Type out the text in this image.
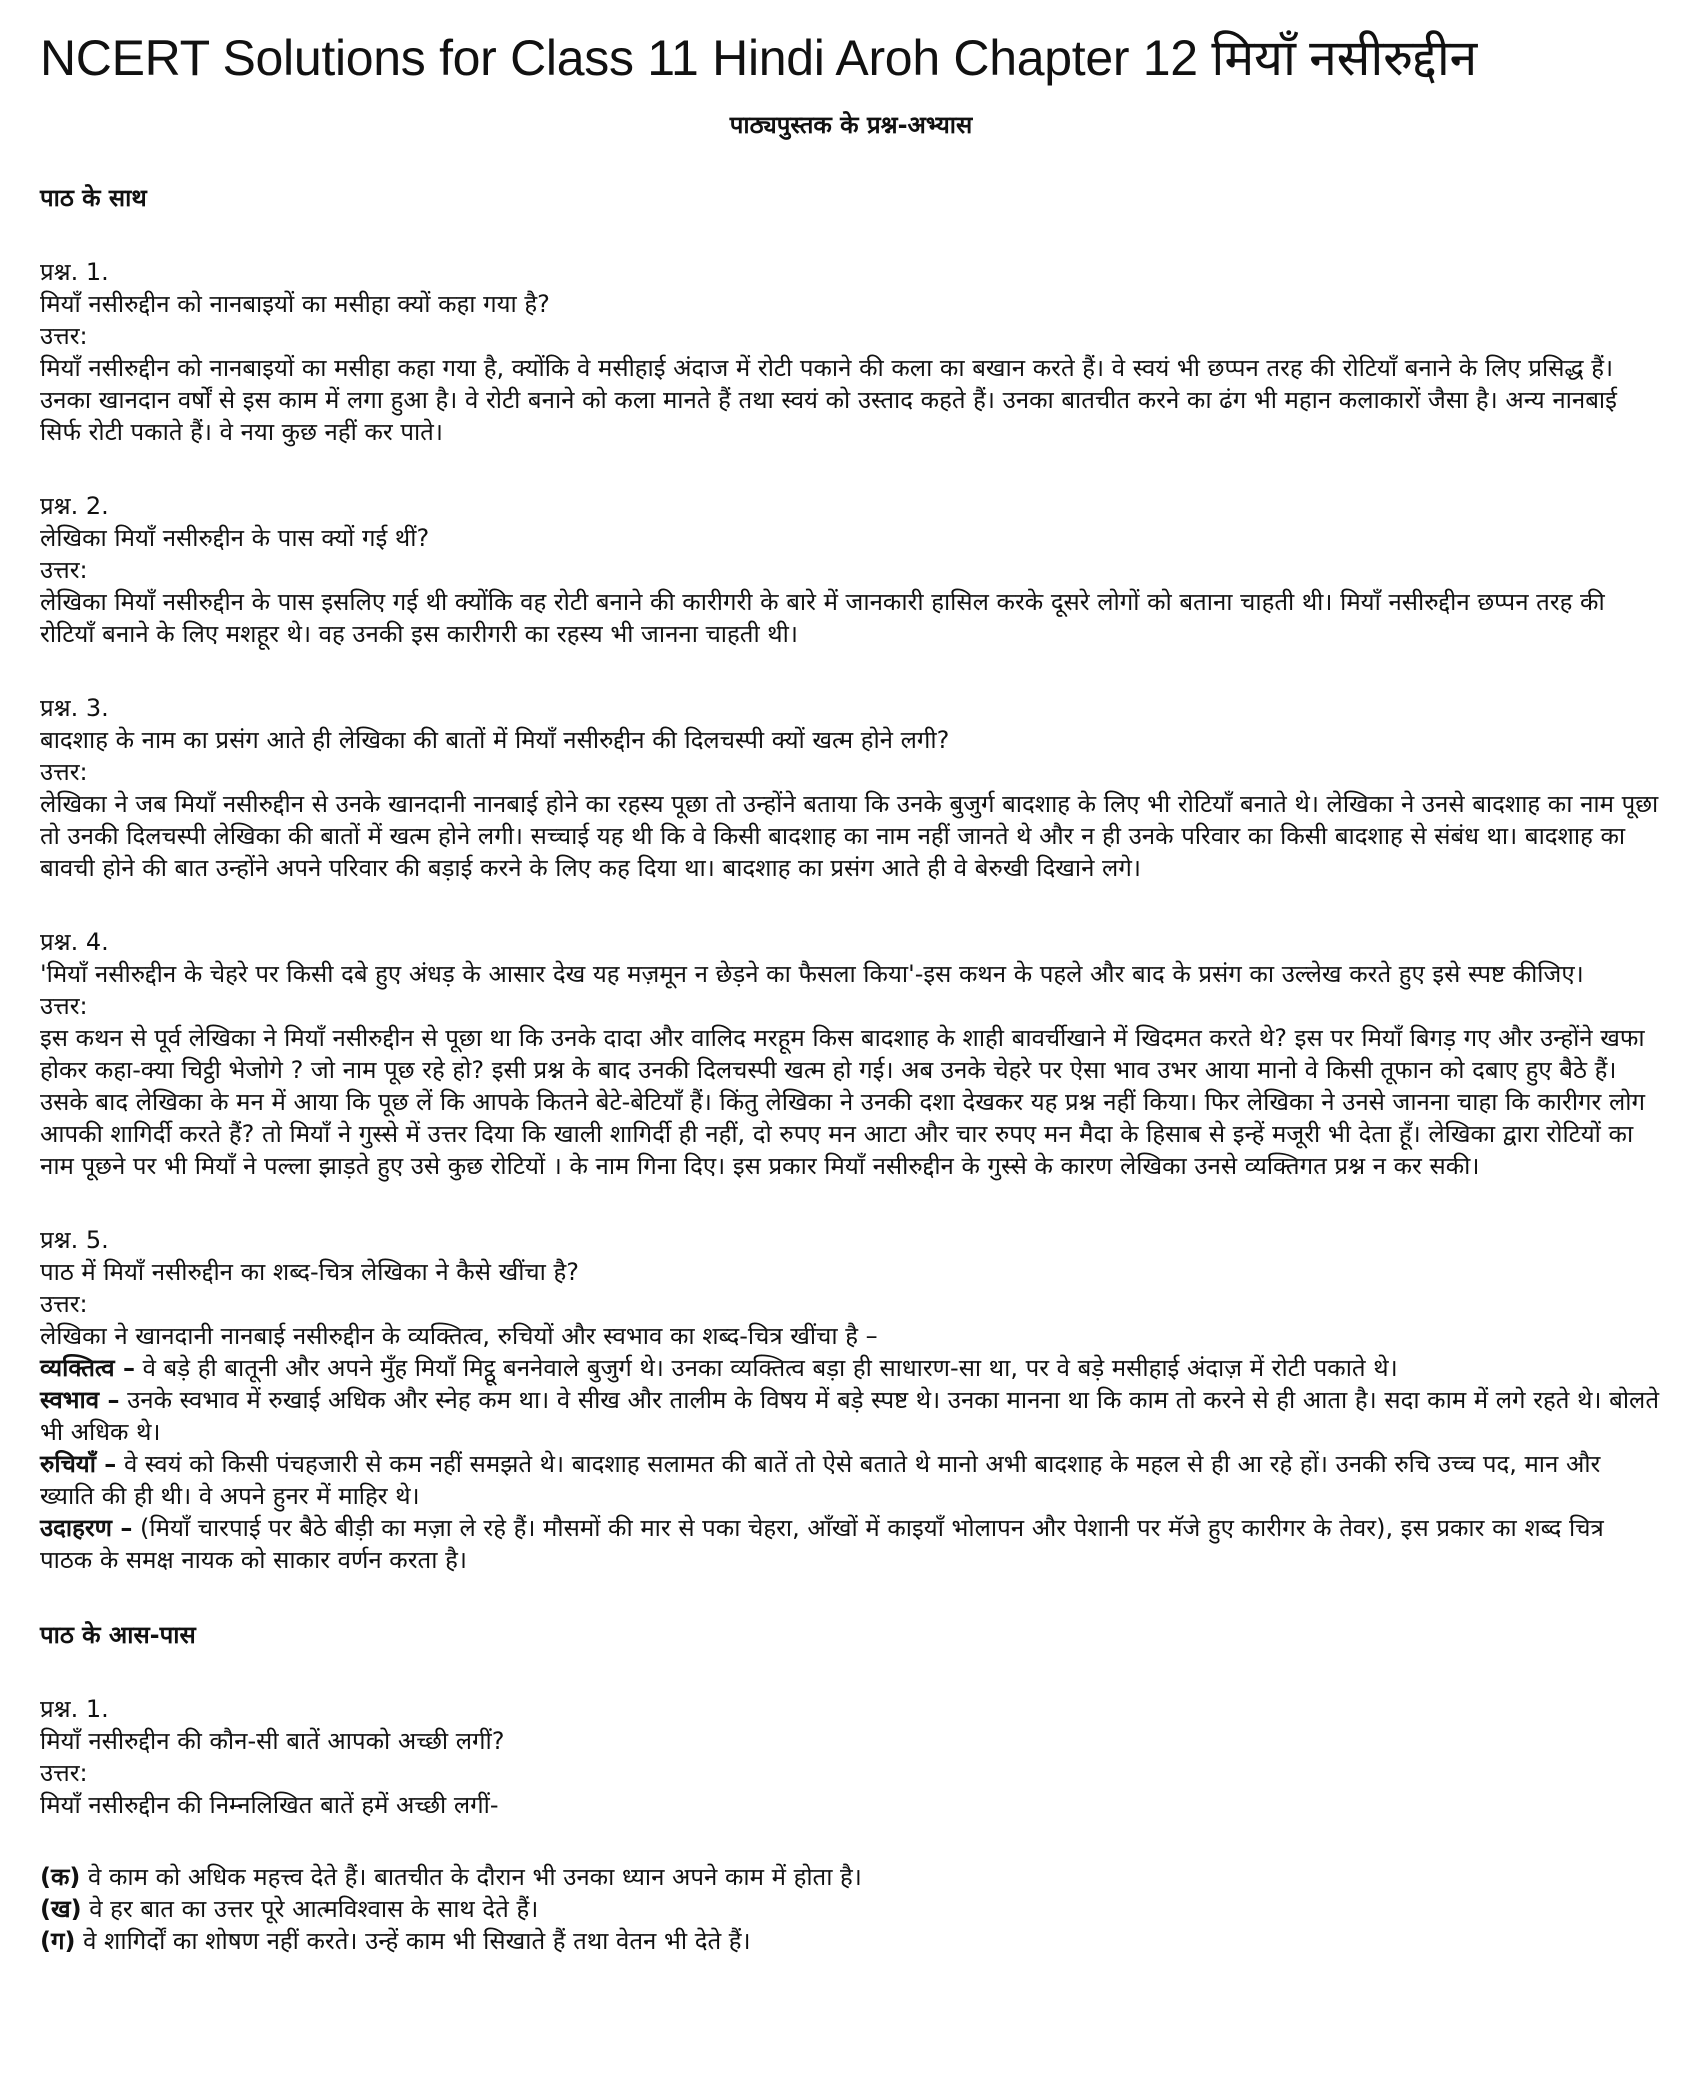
NCERT Solutions for Class 11 Hindi Aroh Chapter 12 मियाँ नसीरुद्दीन
पाठ्यपुस्तक के प्रश्न-अभ्यास
पाठ के साथ
प्रश्न. 1.
मियाँ नसीरुद्दीन को नानबाइयों का मसीहा क्यों कहा गया है?
उत्तर:
मियाँ नसीरुद्दीन को नानबाइयों का मसीहा कहा गया है, क्योंकि वे मसीहाई अंदाज में रोटी पकाने की कला का बखान करते हैं। वे स्वयं भी छप्पन तरह की रोटियाँ बनाने के लिए प्रसिद्ध हैं। उनका खानदान वर्षों से इस काम में लगा हुआ है। वे रोटी बनाने को कला मानते हैं तथा स्वयं को उस्ताद कहते हैं। उनका बातचीत करने का ढंग भी महान कलाकारों जैसा है। अन्य नानबाई सिर्फ रोटी पकाते हैं। वे नया कुछ नहीं कर पाते।
प्रश्न. 2.
लेखिका मियाँ नसीरुद्दीन के पास क्यों गई थीं?
उत्तर:
लेखिका मियाँ नसीरुद्दीन के पास इसलिए गई थी क्योंकि वह रोटी बनाने की कारीगरी के बारे में जानकारी हासिल करके दूसरे लोगों को बताना चाहती थी। मियाँ नसीरुद्दीन छप्पन तरह की रोटियाँ बनाने के लिए मशहूर थे। वह उनकी इस कारीगरी का रहस्य भी जानना चाहती थी।
प्रश्न. 3.
बादशाह के नाम का प्रसंग आते ही लेखिका की बातों में मियाँ नसीरुद्दीन की दिलचस्पी क्यों खत्म होने लगी?
उत्तर:
लेखिका ने जब मियाँ नसीरुद्दीन से उनके खानदानी नानबाई होने का रहस्य पूछा तो उन्होंने बताया कि उनके बुजुर्ग बादशाह के लिए भी रोटियाँ बनाते थे। लेखिका ने उनसे बादशाह का नाम पूछा तो उनकी दिलचस्पी लेखिका की बातों में खत्म होने लगी। सच्चाई यह थी कि वे किसी बादशाह का नाम नहीं जानते थे और न ही उनके परिवार का किसी बादशाह से संबंध था। बादशाह का बावची होने की बात उन्होंने अपने परिवार की बड़ाई करने के लिए कह दिया था। बादशाह का प्रसंग आते ही वे बेरुखी दिखाने लगे।
प्रश्न. 4.
'मियाँ नसीरुद्दीन के चेहरे पर किसी दबे हुए अंधड़ के आसार देख यह मज़मून न छेड़ने का फैसला किया'-इस कथन के पहले और बाद के प्रसंग का उल्लेख करते हुए इसे स्पष्ट कीजिए।
उत्तर:
इस कथन से पूर्व लेखिका ने मियाँ नसीरुद्दीन से पूछा था कि उनके दादा और वालिद मरहूम किस बादशाह के शाही बावर्चीखाने में खिदमत करते थे? इस पर मियाँ बिगड़ गए और उन्होंने खफा होकर कहा-क्या चिट्ठी भेजोगे ? जो नाम पूछ रहे हो? इसी प्रश्न के बाद उनकी दिलचस्पी खत्म हो गई। अब उनके चेहरे पर ऐसा भाव उभर आया मानो वे किसी तूफान को दबाए हुए बैठे हैं। उसके बाद लेखिका के मन में आया कि पूछ लें कि आपके कितने बेटे-बेटियाँ हैं। किंतु लेखिका ने उनकी दशा देखकर यह प्रश्न नहीं किया। फिर लेखिका ने उनसे जानना चाहा कि कारीगर लोग आपकी शागिर्दी करते हैं? तो मियाँ ने गुस्से में उत्तर दिया कि खाली शागिर्दी ही नहीं, दो रुपए मन आटा और चार रुपए मन मैदा के हिसाब से इन्हें मजूरी भी देता हूँ। लेखिका द्वारा रोटियों का नाम पूछने पर भी मियाँ ने पल्ला झाड़ते हुए उसे कुछ रोटियों । के नाम गिना दिए। इस प्रकार मियाँ नसीरुद्दीन के गुस्से के कारण लेखिका उनसे व्यक्तिगत प्रश्न न कर सकी।
प्रश्न. 5.
पाठ में मियाँ नसीरुद्दीन का शब्द-चित्र लेखिका ने कैसे खींचा है?
उत्तर:
लेखिका ने खानदानी नानबाई नसीरुद्दीन के व्यक्तित्व, रुचियों और स्वभाव का शब्द-चित्र खींचा है –
व्यक्तित्व – वे बड़े ही बातूनी और अपने मुँह मियाँ मिट्ठू बननेवाले बुजुर्ग थे। उनका व्यक्तित्व बड़ा ही साधारण-सा था, पर वे बड़े मसीहाई अंदाज़ में रोटी पकाते थे।
स्वभाव – उनके स्वभाव में रुखाई अधिक और स्नेह कम था। वे सीख और तालीम के विषय में बड़े स्पष्ट थे। उनका मानना था कि काम तो करने से ही आता है। सदा काम में लगे रहते थे। बोलते भी अधिक थे।
रुचियाँ – वे स्वयं को किसी पंचहजारी से कम नहीं समझते थे। बादशाह सलामत की बातें तो ऐसे बताते थे मानो अभी बादशाह के महल से ही आ रहे हों। उनकी रुचि उच्च पद, मान और ख्याति की ही थी। वे अपने हुनर में माहिर थे।
उदाहरण – (मियाँ चारपाई पर बैठे बीड़ी का मज़ा ले रहे हैं। मौसमों की मार से पका चेहरा, आँखों में काइयाँ भोलापन और पेशानी पर मॅजे हुए कारीगर के तेवर), इस प्रकार का शब्द चित्र पाठक के समक्ष नायक को साकार वर्णन करता है।
पाठ के आस-पास
प्रश्न. 1.
मियाँ नसीरुद्दीन की कौन-सी बातें आपको अच्छी लगीं?
उत्तर:
मियाँ नसीरुद्दीन की निम्नलिखित बातें हमें अच्छी लगीं-
(क) वे काम को अधिक महत्त्व देते हैं। बातचीत के दौरान भी उनका ध्यान अपने काम में होता है।
(ख) वे हर बात का उत्तर पूरे आत्मविश्वास के साथ देते हैं।
(ग) वे शागिर्दों का शोषण नहीं करते। उन्हें काम भी सिखाते हैं तथा वेतन भी देते हैं।
